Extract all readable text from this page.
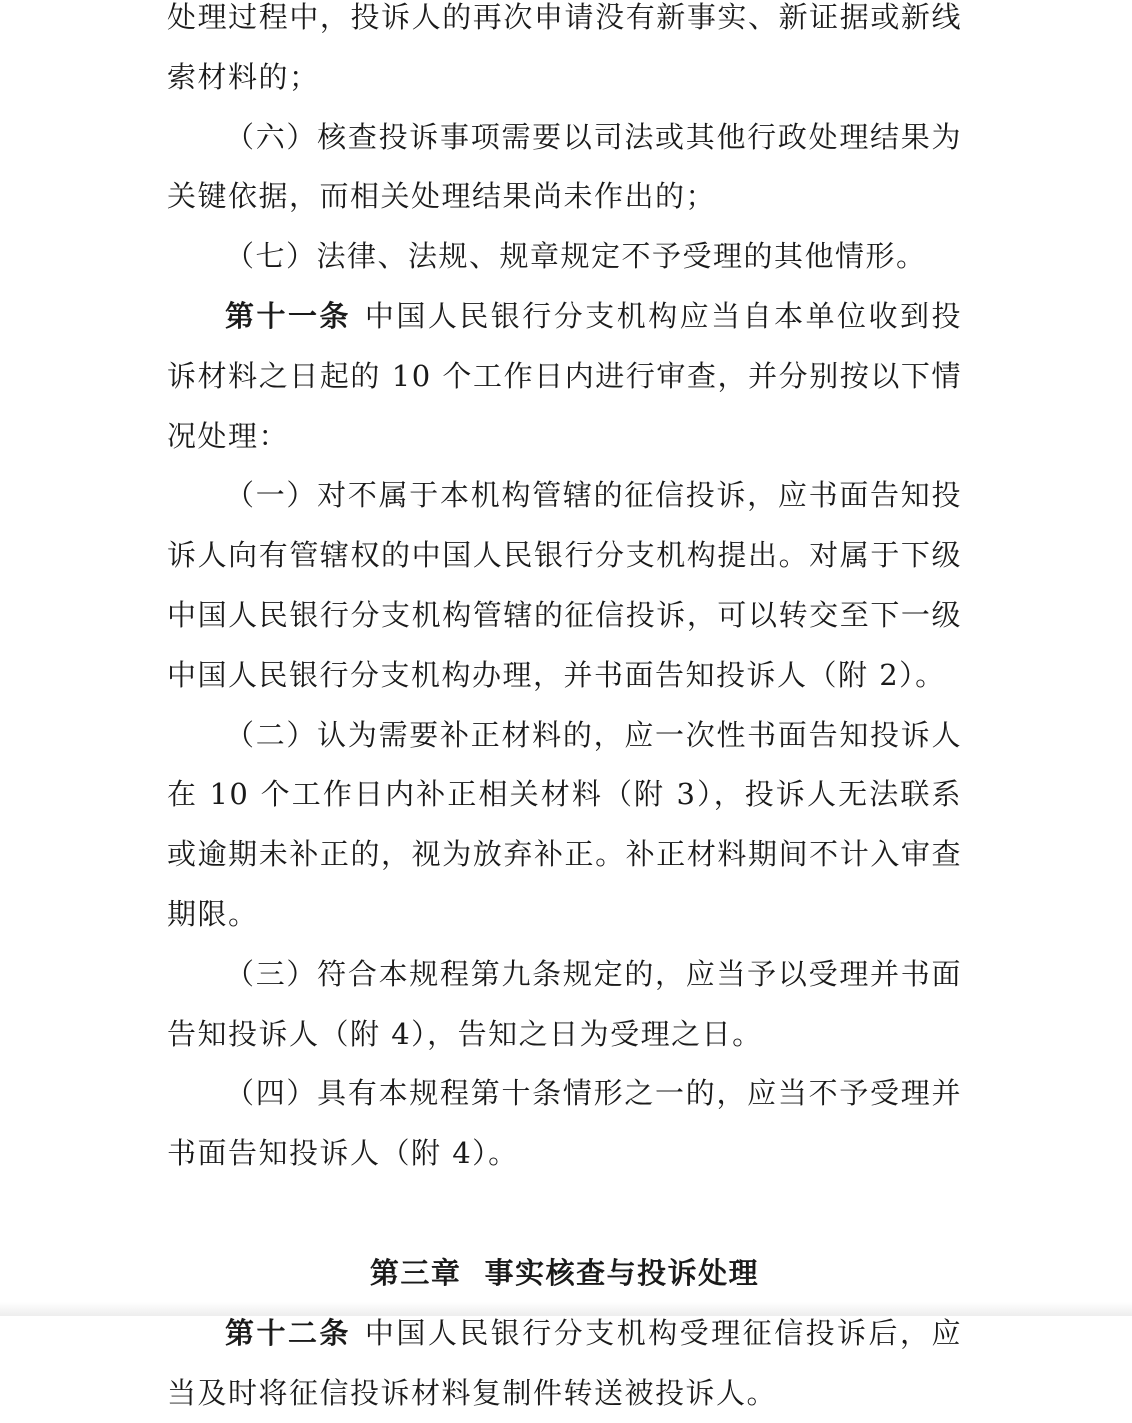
处理过程中，投诉人的再次申请没有新事实、新证据或新线索材料的；

（六）核查投诉事项需要以司法或其他行政处理结果为关键依据，而相关处理结果尚未作出的；

（七）法律、法规、规章规定不予受理的其他情形。

第十一条 中国人民银行分支机构应当自本单位收到投诉材料之日起的 10 个工作日内进行审查，并分别按以下情况处理：

（一）对不属于本机构管辖的征信投诉，应书面告知投诉人向有管辖权的中国人民银行分支机构提出。对属于下级中国人民银行分支机构管辖的征信投诉，可以转交至下一级中国人民银行分支机构办理，并书面告知投诉人（附 2）。

（二）认为需要补正材料的，应一次性书面告知投诉人在 10 个工作日内补正相关材料（附 3），投诉人无法联系或逾期未补正的，视为放弃补正。补正材料期间不计入审查期限。

（三）符合本规程第九条规定的，应当予以受理并书面告知投诉人（附 4），告知之日为受理之日。

（四）具有本规程第十条情形之一的，应当不予受理并书面告知投诉人（附 4）。

第三章  事实核查与投诉处理

第十二条 中国人民银行分支机构受理征信投诉后，应当及时将征信投诉材料复制件转送被投诉人。
